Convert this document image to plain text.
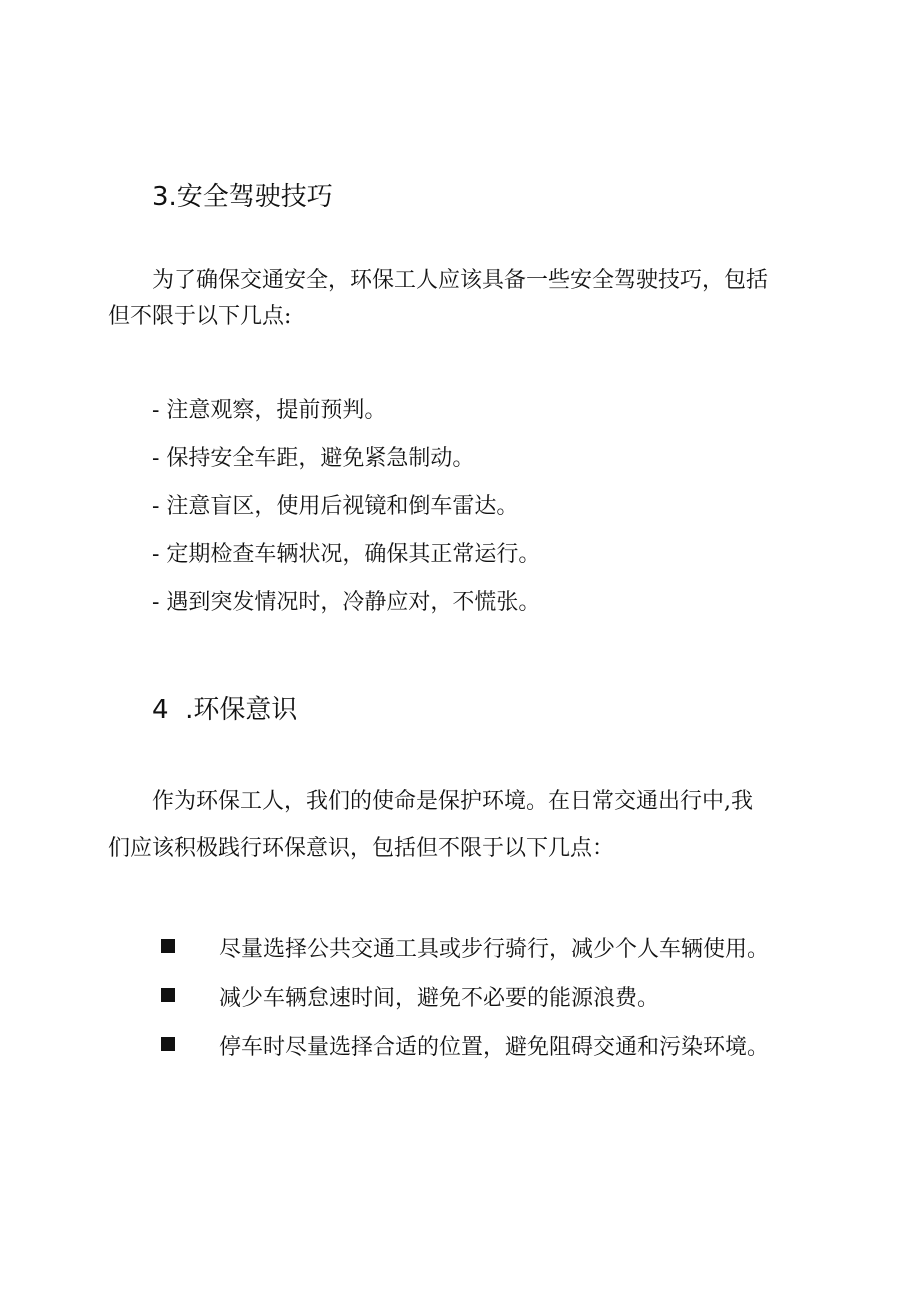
3.安全驾驶技巧
为了确保交通安全，环保工人应该具备一些安全驾驶技巧，包括
但不限于以下几点:
- 注意观察，提前预判。
- 保持安全车距，避免紧急制动。
- 注意盲区，使用后视镜和倒车雷达。
- 定期检查车辆状况，确保其正常运行。
- 遇到突发情况时，冷静应对，不慌张。
4  .环保意识
作为环保工人，我们的使命是保护环境。在日常交通出行中,我
们应该积极践行环保意识，包括但不限于以下几点：
尽量选择公共交通工具或步行骑行，减少个人车辆使用。
减少车辆怠速时间，避免不必要的能源浪费。
停车时尽量选择合适的位置，避免阻碍交通和污染环境。
